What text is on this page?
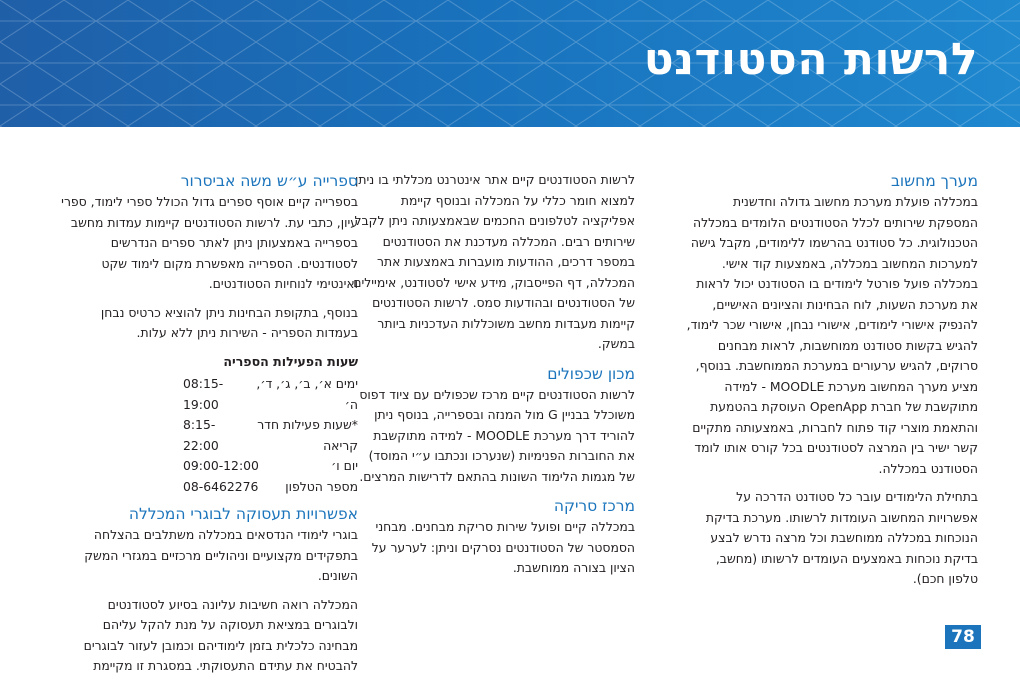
לרשות הסטודנט
מערך מחשוב

במכללה פועלת מערכת מחשוב גדולה וחדשנית המספקת שירותים לכלל הסטודנטים הלומדים במכללה הטכנולוגית. כל סטודנט בהרשמו ללימודים, מקבל גישה למערכות המחשוב במכללה, באמצעות קוד אישי. במכללה פועל פורטל לימודים בו הסטודנט יכול לראות את מערכת השעות, לוח הבחינות והציונים האישיים, להנפיק אישורי לימודים, אישורי נבחן, אישורי שכר לימוד, להגיש בקשות סטודנט ממוחשבות, לראות מבחנים סרוקים, להגיש ערעורים במערכת הממוחשבת. בנוסף, מציע מערך המחשוב מערכת MOODLE - למידה מתוקשבת של חברת OpenApp העוסקת בהטמעת והתאמת מוצרי קוד פתוח לחברות, באמצעותה מתקיים קשר ישיר בין המרצה לסטודנטים בכל קורס אותו לומד הסטודנט במכללה.

בתחילת הלימודים עובר כל סטודנט הדרכה על אפשרויות המחשוב העומדות לרשותו. מערכת בדיקת הנוכחות במכללה ממוחשבת וכל מרצה נדרש לבצע בדיקת נוכחות באמצעים העומדים לרשותו (מחשב, טלפון חכם).

לרשות הסטודנטים קיים אתר אינטרנט מכללתי בו ניתן למצוא חומר כללי על המכללה ובנוסף קיימת אפליקציה לטלפונים החכמים שבאמצעותה ניתן לקבל שירותים רבים. המכללה מעדכנת את הסטודנטים במספר דרכים, ההודעות מועברות באמצעות אתר המכללה, דף הפייסבוק, מידע אישי לסטודנט, אימיילים של הסטודנטים ובהודעות סמס. לרשות הסטודנטים קיימות מעבדות מחשב משוכללות העדכניות ביותר במשק.

מכון שכפולים

לרשות הסטודנטים קיים מרכז שכפולים עם ציוד דפוס משוכלל בבניין G מול המנזה ובספרייה, בנוסף ניתן להוריד דרך מערכת MOODLE - למידה מתוקשבת את החוברות הפנימיות (שנערכו ונכתבו ע״י המוסד) של מגמות הלימוד השונות בהתאם לדרישות המרצים.

מרכז סריקה

במכללה קיים ופועל שירות סריקת מבחנים. מבחני הסמסטר של הסטודנטים נסרקים וניתן: לערער על הציון בצורה ממוחשבת.

ספרייה ע״ש משה אביסרור

בספרייה קיים אוסף ספרים גדול הכולל ספרי לימוד, ספרי עיון, כתבי עת. לרשות הסטודנטים קיימות עמדות מחשב בספרייה באמצעותן ניתן לאתר ספרים הנדרשים לסטודנטים. הספרייה מאפשרת מקום לימוד שקט ואינטימי לנוחיות הסטודנטים.

בנוסף, בתקופת הבחינות ניתן להוציא כרטיס נבחן בעמדות הספריה - השירות ניתן ללא עלות.

שעות הפעילות הספריה
ימים א׳, ב׳, ג׳, ד׳, ה׳
08:15-19:00
*שעות פעילות חדר קריאה
8:15-22:00
יום ו׳
09:00-12:00
מספר הטלפון
08-6462276
אפשרויות תעסוקה לבוגרי המכללה

בוגרי לימודי הנדסאים במכללה משתלבים בהצלחה בתפקידים מקצועיים וניהוליים מרכזיים במגזרי המשק השונים.

המכללה רואה חשיבות עליונה בסיוע לסטודנטים ולבוגרים במציאת תעסוקה על מנת להקל עליהם מבחינה כלכלית בזמן לימודיהם וכמובן לעזור לבוגרים להבטיח את עתידם התעסוקתי. במסגרת זו מקיימת

78
